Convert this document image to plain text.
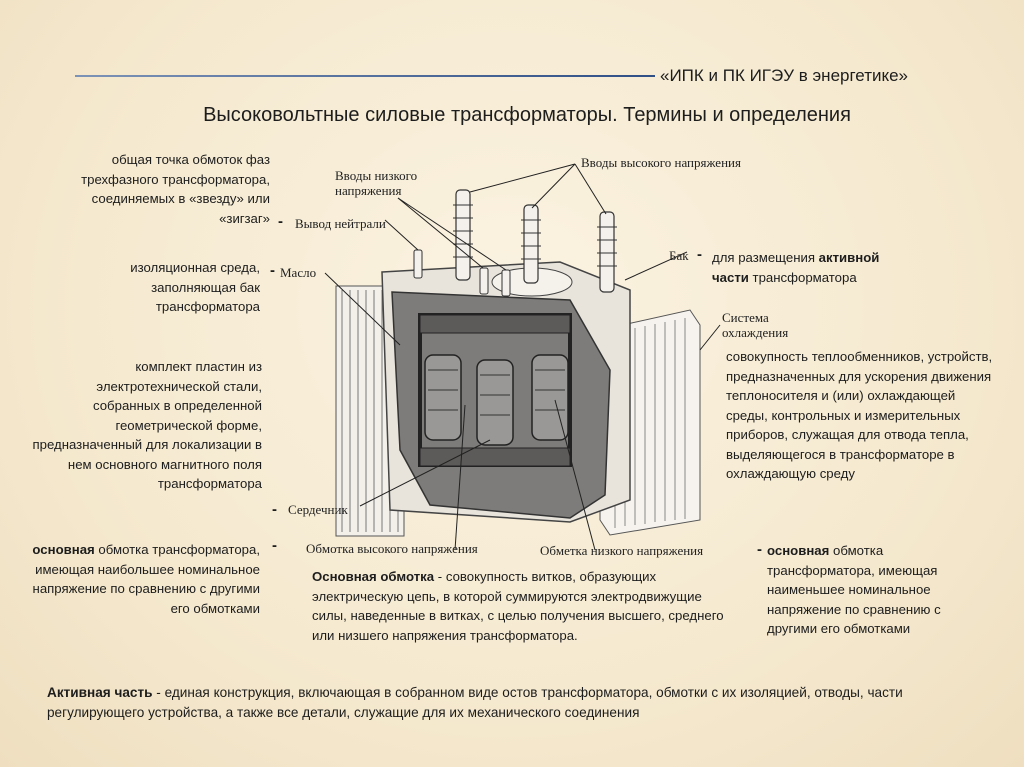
«ИПК и ПК ИГЭУ в энергетике»
Высоковольтные силовые трансформаторы. Термины и определения
Вводы низкого напряжения
Вводы высокого напряжения
Вывод нейтрали
Масло
Бак
Система охлаждения
Сердечник
Обмотка высокого напряжения	Обметка низкого напряжения
-
-
-
-
-
-
общая точка обмоток фаз трехфазного трансформатора, соединяемых в «звезду» или «зигзаг»
изоляционная среда, заполняющая бак трансформатора
комплект пластин из электротехнической стали, собранных в определенной геометрической форме, предназначенный для локализации в нем основного магнитного поля трансформатора
основная обмотка трансформатора, имеющая наибольшее номинальное напряжение по сравнению с другими его обмотками
для размещения активной
части трансформатора
совокупность теплообменников, устройств, предназначенных для ускорения движения теплоносителя и (или) охлаждающей среды, контрольных и измерительных приборов, служащая для отвода тепла, выделяющегося в трансформаторе в охлаждающую среду
основная обмотка трансформатора, имеющая наименьшее номинальное напряжение по сравнению с другими его обмотками
Основная обмотка - совокупность витков, образующих электрическую цепь, в которой суммируются электродвижущие силы, наведенные в витках, с целью получения высшего, среднего или низшего напряжения трансформатора.
Активная часть - единая конструкция, включающая в собранном виде остов трансформатора, обмотки с их изоляцией, отводы, части регулирующего устройства, а также все детали, служащие для их механического соединения
